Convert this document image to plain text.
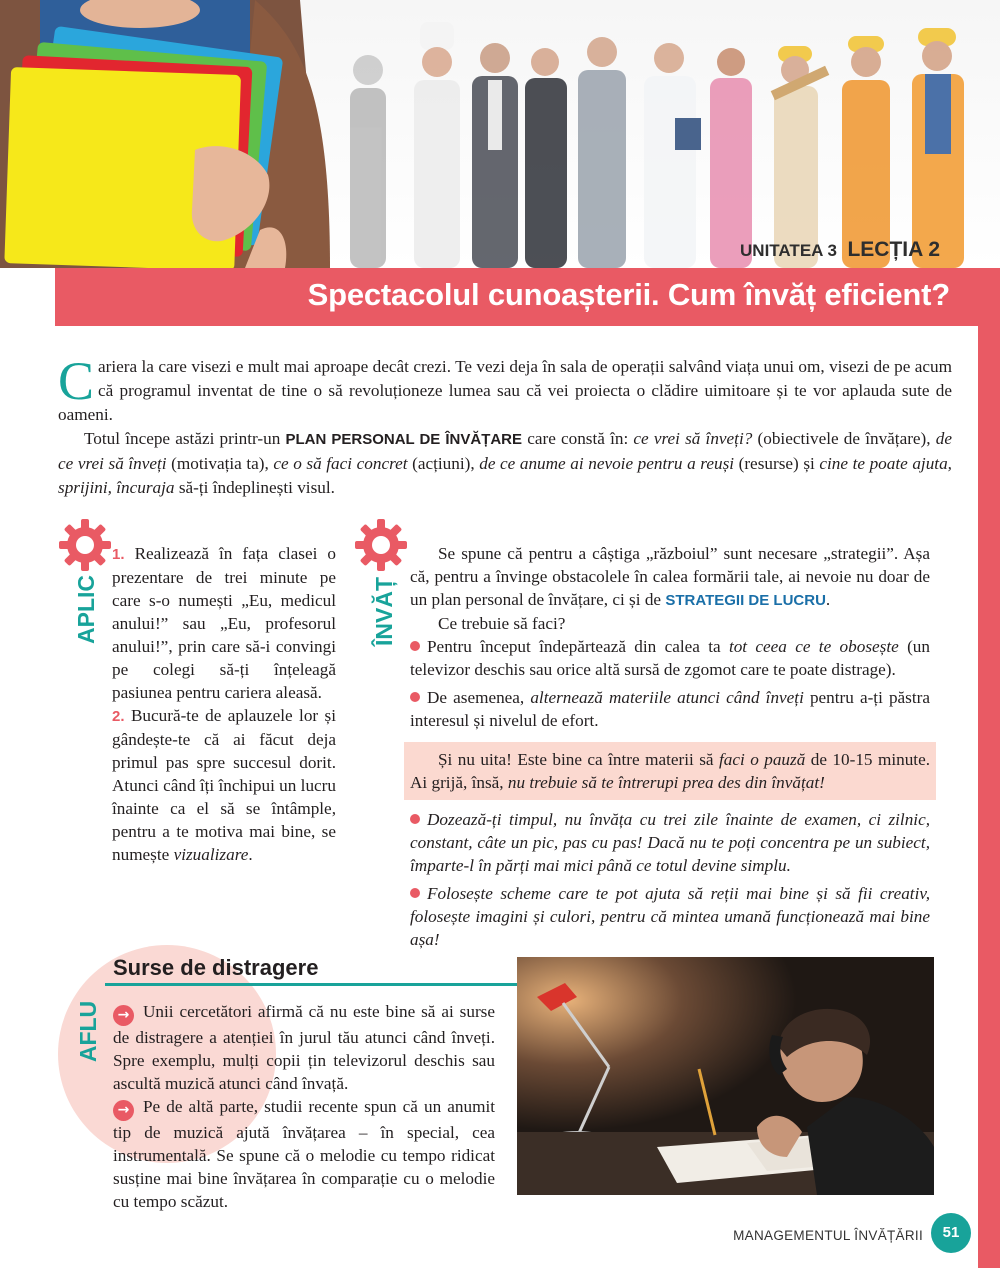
UNITATEA 3 LECȚIA 2
Spectacolul cunoașterii. Cum învăț eficient?

Cariera la care visezi e mult mai aproape decât crezi. Te vezi deja în sala de operații salvând viața unui om, visezi de pe acum că programul inventat de tine o să revoluționeze lumea sau că vei proiecta o clădire uimitoare și te vor aplauda sute de oameni.

Totul începe astăzi printr-un PLAN PERSONAL DE ÎNVĂȚARE care constă în: ce vrei să înveți? (obiectivele de învățare), de ce vrei să înveți (motivația ta), ce o să faci concret (acțiuni), de ce anume ai nevoie pentru a reuși (resurse) și cine te poate ajuta, sprijini, încuraja să-ți îndeplinești visul.

APLIC

1. Realizează în fața clasei o prezentare de trei minute pe care s-o numești „Eu, medicul anului!” sau „Eu, profesorul anului!”, prin care să-i convingi pe colegi să-ți înțeleagă pasiunea pentru cariera aleasă.

2. Bucură-te de aplauzele lor și gândește-te că ai făcut deja primul pas spre succesul dorit. Atunci când îți închipui un lucru înainte ca el să se întâmple, pentru a te motiva mai bine, se numește vizualizare.

ÎNVĂȚ

Se spune că pentru a câștiga „războiul” sunt necesare „strategii”. Așa că, pentru a învinge obstacolele în calea formării tale, ai nevoie nu doar de un plan personal de învățare, ci și de STRATEGII DE LUCRU.

Ce trebuie să faci?

Pentru început îndepărtează din calea ta tot ceea ce te obosește (un televizor deschis sau orice altă sursă de zgomot care te poate distrage).

De asemenea, alternează materiile atunci când înveți pentru a-ți păstra interesul și nivelul de efort.

Și nu uita! Este bine ca între materii să faci o pauză de 10-15 minute. Ai grijă, însă, nu trebuie să te întrerupi prea des din învățat!

Dozează-ți timpul, nu învăța cu trei zile înainte de examen, ci zilnic, constant, câte un pic, pas cu pas! Dacă nu te poți concentra pe un subiect, împarte-l în părți mai mici până ce totul devine simplu.

Folosește scheme care te pot ajuta să reții mai bine și să fii creativ, folosește imagini și culori, pentru că mintea umană funcționează mai bine așa!

AFLU
Surse de distragere

→ Unii cercetători afirmă că nu este bine să ai surse de distragere a atenției în jurul tău atunci când înveți. Spre exemplu, mulți copii țin televizorul deschis sau ascultă muzică atunci când învață.

→ Pe de altă parte, studii recente spun că un anumit tip de muzică ajută învățarea – în special, cea instrumentală. Se spune că o melodie cu tempo ridicat susține mai bine învățarea în comparație cu o melodie cu tempo scăzut.

MANAGEMENTUL ÎNVĂȚĂRII	51
